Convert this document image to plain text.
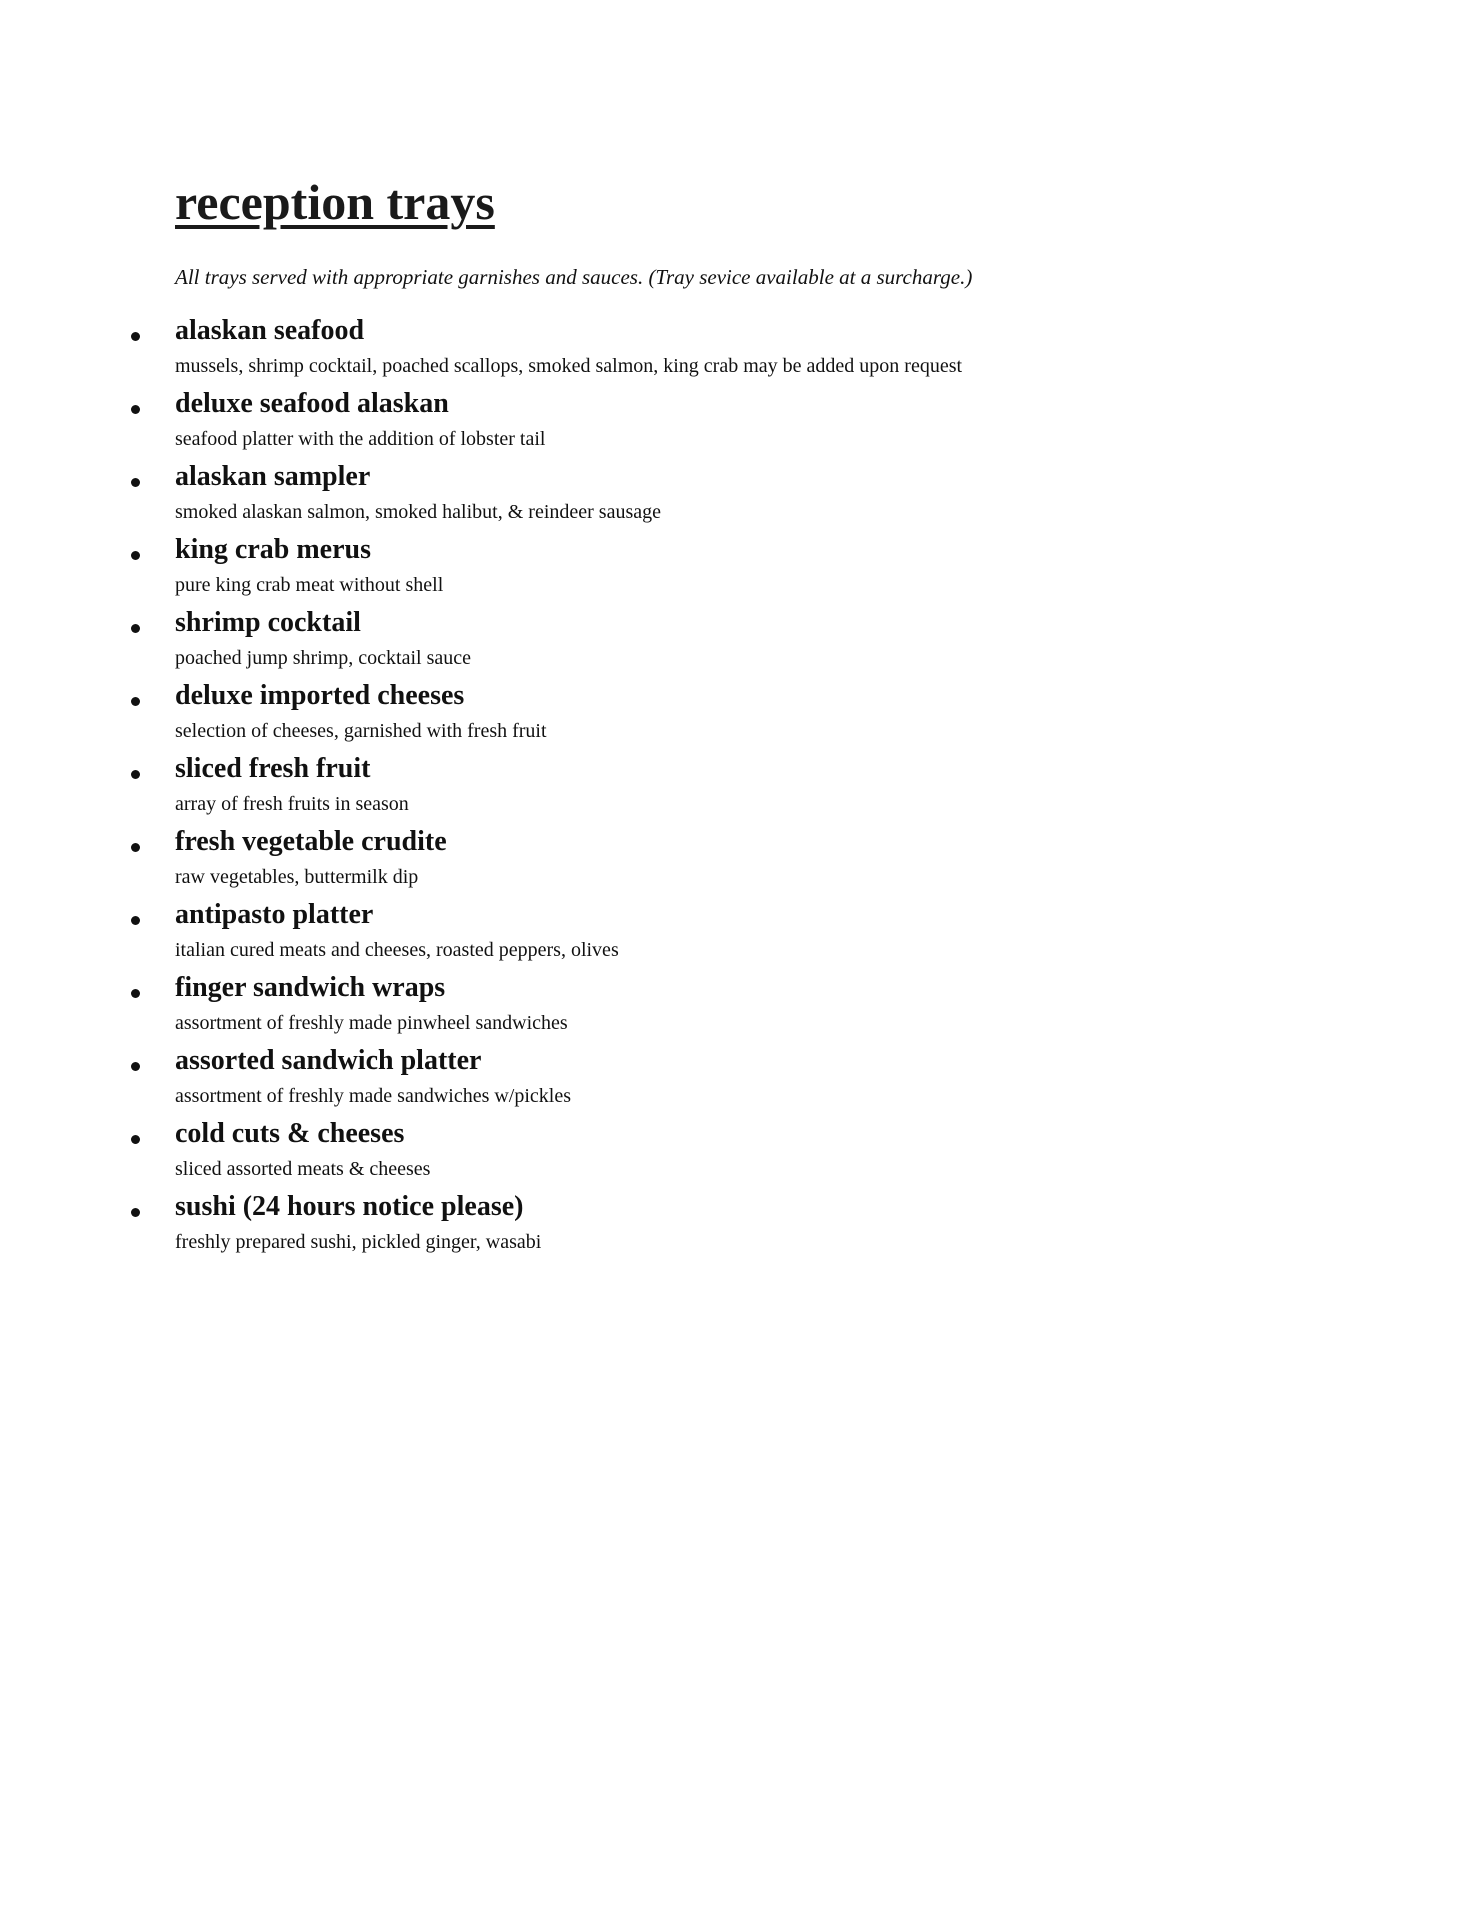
reception trays

All trays served with appropriate garnishes and sauces. (Tray sevice available at a surcharge.)

alaskan seafood
mussels, shrimp cocktail, poached scallops, smoked salmon, king crab may be added upon request
deluxe seafood alaskan
seafood platter with the addition of lobster tail
alaskan sampler
smoked alaskan salmon, smoked halibut, & reindeer sausage
king crab merus
pure king crab meat without shell
shrimp cocktail
poached jump shrimp, cocktail sauce
deluxe imported cheeses
selection of cheeses, garnished with fresh fruit
sliced fresh fruit
array of fresh fruits in season
fresh vegetable crudite
raw vegetables, buttermilk dip
antipasto platter
italian cured meats and cheeses, roasted peppers, olives
finger sandwich wraps
assortment of freshly made pinwheel sandwiches
assorted sandwich platter
assortment of freshly made sandwiches w/pickles
cold cuts & cheeses
sliced assorted meats & cheeses
sushi (24 hours notice please)
freshly prepared sushi, pickled ginger, wasabi
